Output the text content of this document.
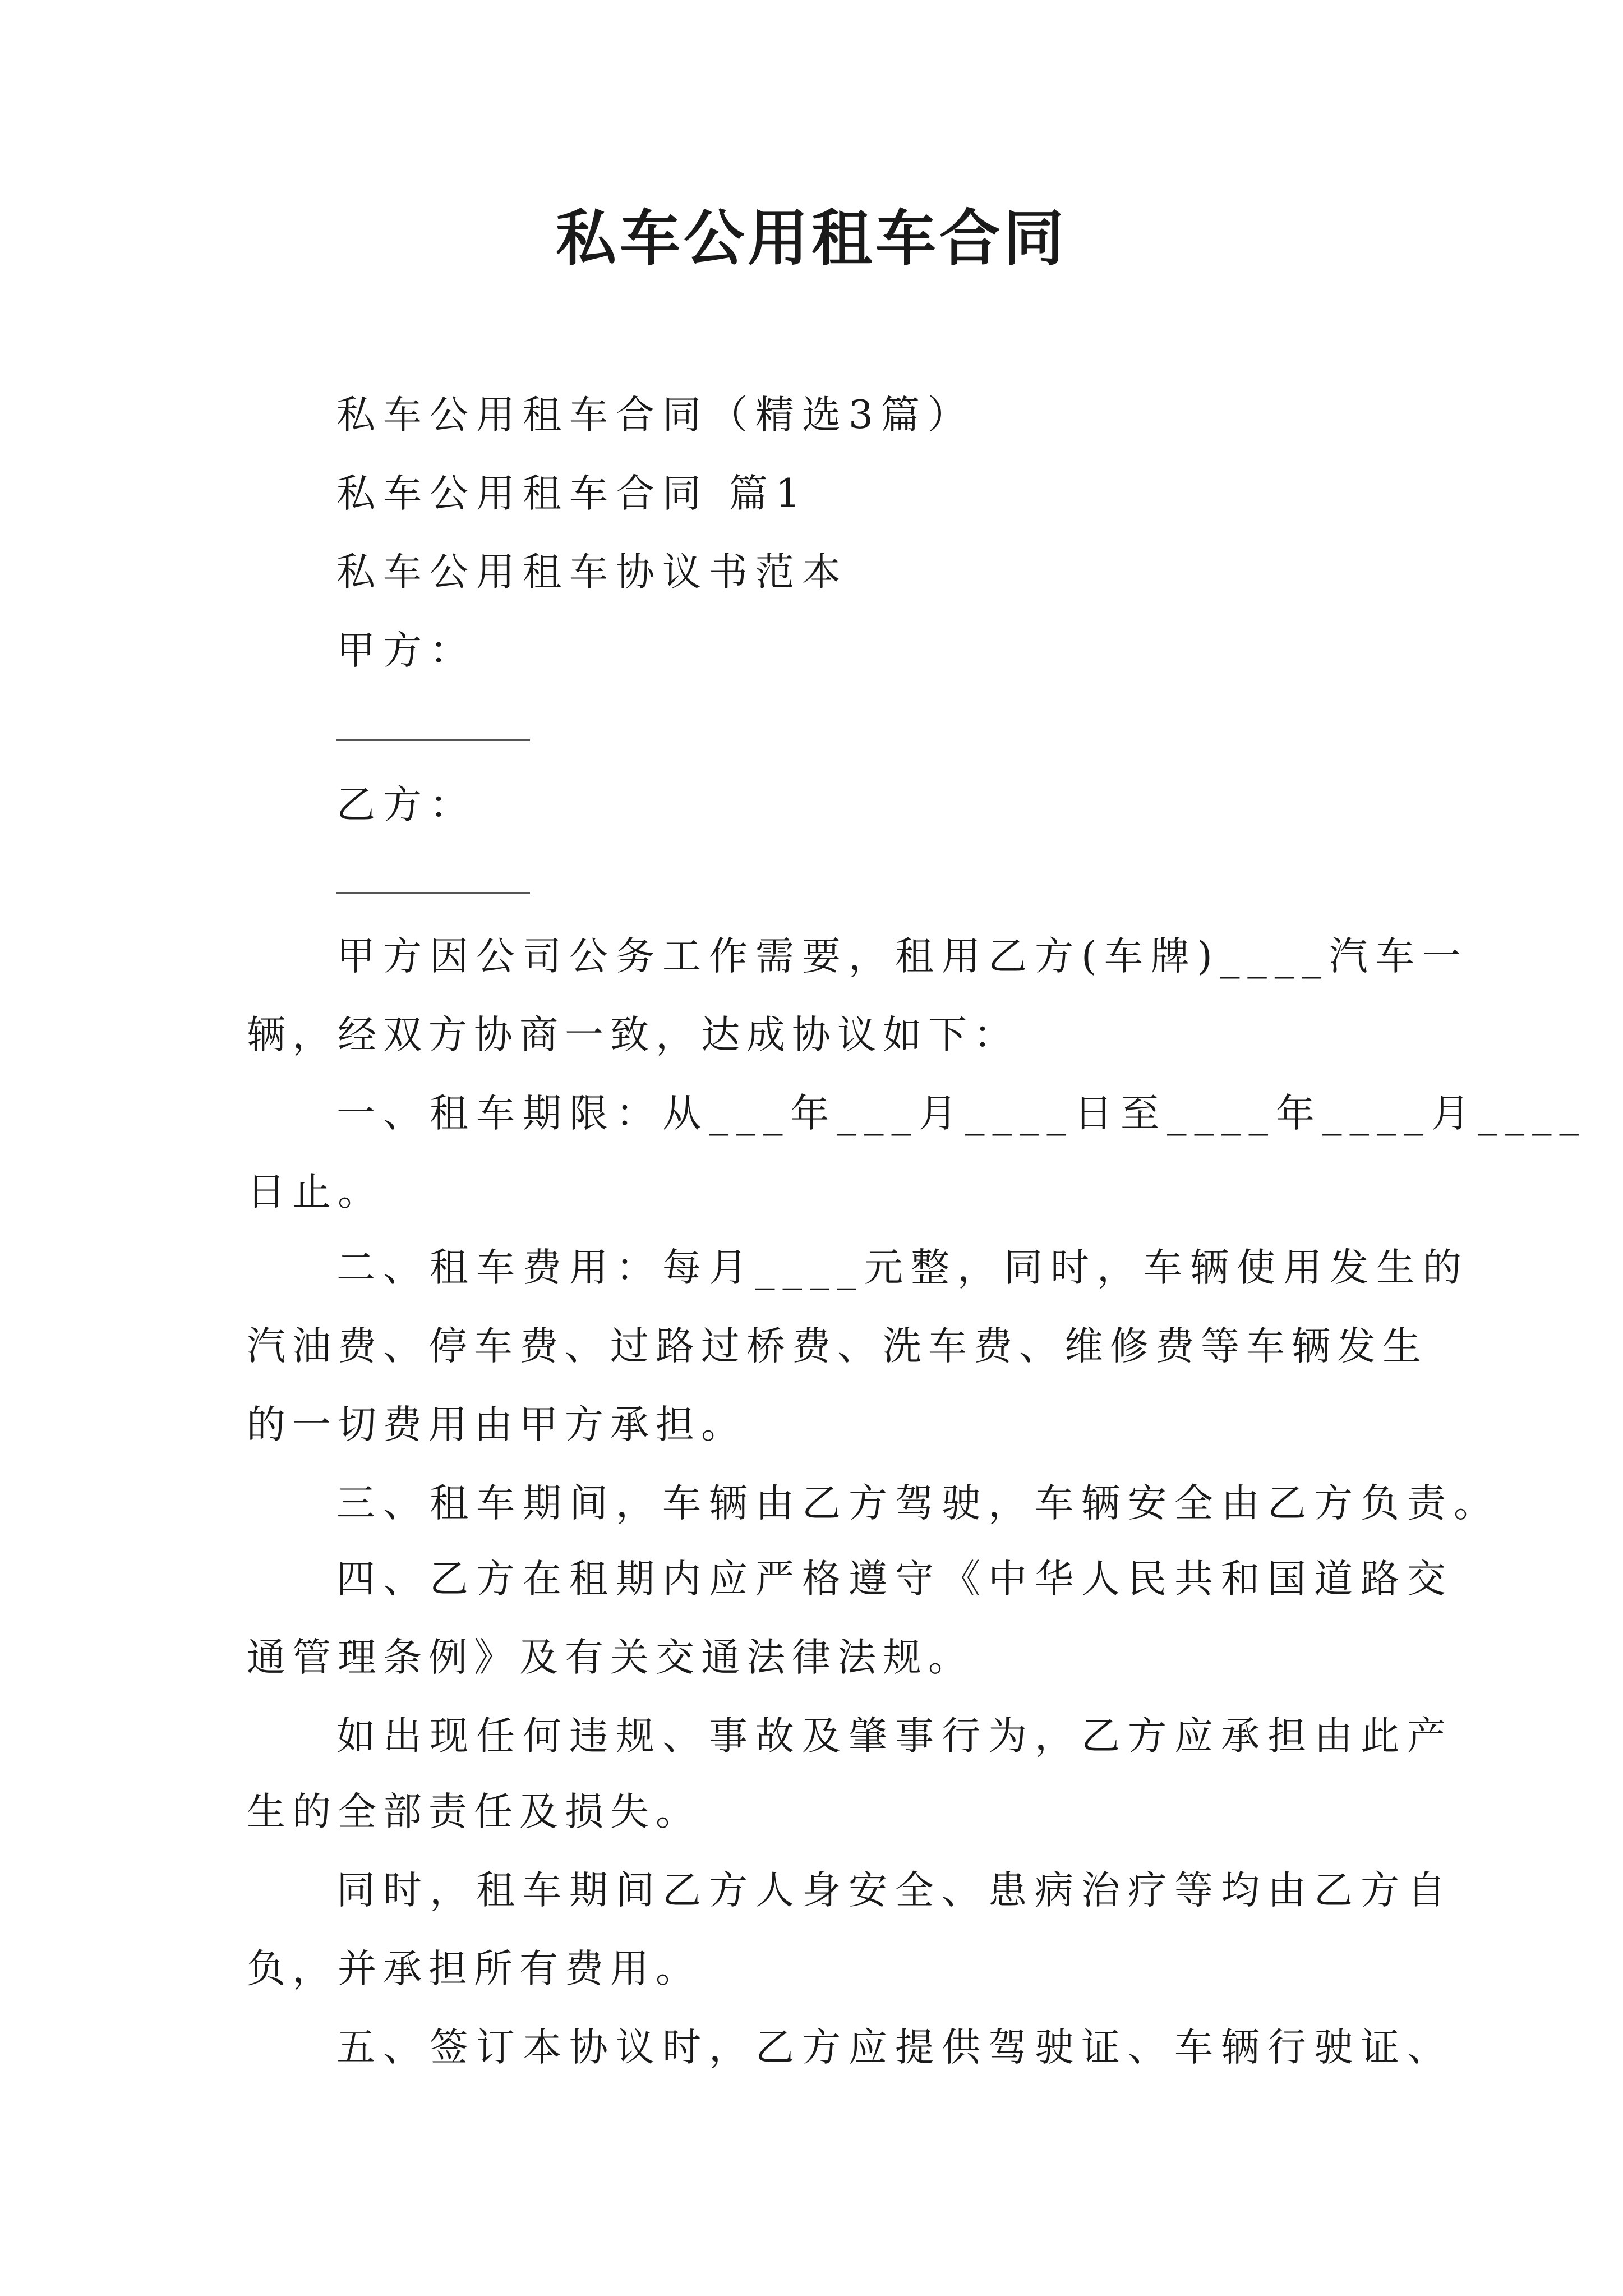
私车公用租车合同
私车公用租车合同（精选3篇）
私车公用租车合同 篇1
私车公用租车协议书范本
甲方：
乙方：
甲方因公司公务工作需要，租用乙方(车牌)____汽车一
辆，经双方协商一致，达成协议如下：
一、租车期限：从___年___月____日至____年____月____
日止。
二、租车费用：每月____元整，同时，车辆使用发生的
汽油费、停车费、过路过桥费、洗车费、维修费等车辆发生
的一切费用由甲方承担。
三、租车期间，车辆由乙方驾驶，车辆安全由乙方负责。
四、乙方在租期内应严格遵守《中华人民共和国道路交
通管理条例》及有关交通法律法规。
如出现任何违规、事故及肇事行为，乙方应承担由此产
生的全部责任及损失。
同时，租车期间乙方人身安全、患病治疗等均由乙方自
负，并承担所有费用。
五、签订本协议时，乙方应提供驾驶证、车辆行驶证、
